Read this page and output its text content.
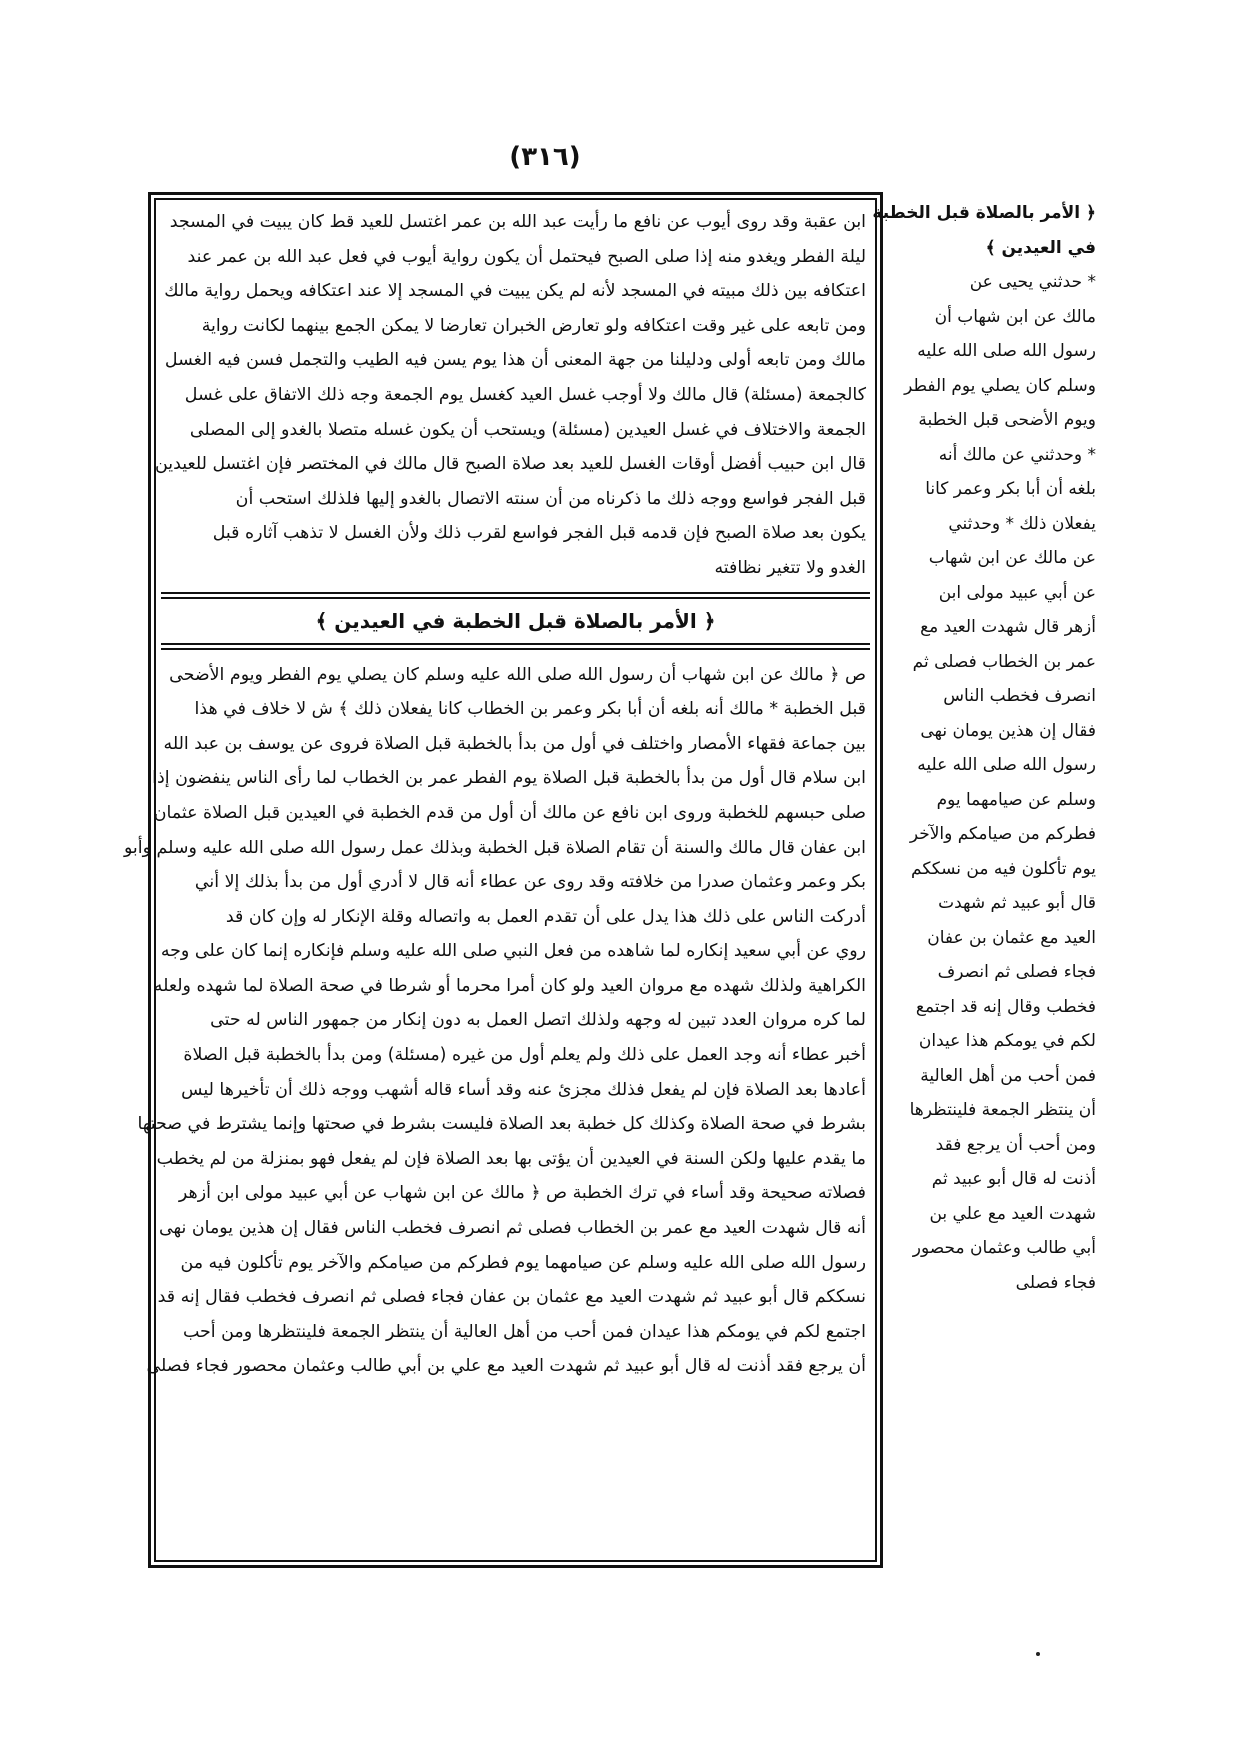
(٣١٦)
ابن عقبة وقد روى أيوب عن نافع ما رأيت عبد الله بن عمر اغتسل للعيد قط كان يبيت في المسجد
ليلة الفطر ويغدو منه إذا صلى الصبح فيحتمل أن يكون رواية أيوب في فعل عبد الله بن عمر عند
اعتكافه بين ذلك مبيته في المسجد لأنه لم يكن يبيت في المسجد إلا عند اعتكافه ويحمل رواية مالك
ومن تابعه على غير وقت اعتكافه ولو تعارض الخبران تعارضا لا يمكن الجمع بينهما لكانت رواية
مالك ومن تابعه أولى ودليلنا من جهة المعنى أن هذا يوم يسن فيه الطيب والتجمل فسن فيه الغسل
كالجمعة (مسئلة) قال مالك ولا أوجب غسل العيد كغسل يوم الجمعة وجه ذلك الاتفاق على غسل
الجمعة والاختلاف في غسل العيدين (مسئلة) ويستحب أن يكون غسله متصلا بالغدو إلى المصلى
قال ابن حبيب أفضل أوقات الغسل للعيد بعد صلاة الصبح قال مالك في المختصر فإن اغتسل للعيدين
قبل الفجر فواسع ووجه ذلك ما ذكرناه من أن سنته الاتصال بالغدو إليها فلذلك استحب أن
يكون بعد صلاة الصبح فإن قدمه قبل الفجر فواسع لقرب ذلك ولأن الغسل لا تذهب آثاره قبل
الغدو ولا تتغير نظافته
﴿ الأمر بالصلاة قبل الخطبة في العيدين ﴾
ص ﴿ مالك عن ابن شهاب أن رسول الله صلى الله عليه وسلم كان يصلي يوم الفطر ويوم الأضحى
قبل الخطبة * مالك أنه بلغه أن أبا بكر وعمر بن الخطاب كانا يفعلان ذلك ﴾ ش لا خلاف في هذا
بين جماعة فقهاء الأمصار واختلف في أول من بدأ بالخطبة قبل الصلاة فروى عن يوسف بن عبد الله
ابن سلام قال أول من بدأ بالخطبة قبل الصلاة يوم الفطر عمر بن الخطاب لما رأى الناس ينفضون إذا
صلى حبسهم للخطبة وروى ابن نافع عن مالك أن أول من قدم الخطبة في العيدين قبل الصلاة عثمان
ابن عفان قال مالك والسنة أن تقام الصلاة قبل الخطبة وبذلك عمل رسول الله صلى الله عليه وسلم وأبو
بكر وعمر وعثمان صدرا من خلافته وقد روى عن عطاء أنه قال لا أدري أول من بدأ بذلك إلا أني
أدركت الناس على ذلك هذا يدل على أن تقدم العمل به واتصاله وقلة الإنكار له وإن كان قد
روي عن أبي سعيد إنكاره لما شاهده من فعل النبي صلى الله عليه وسلم فإنكاره إنما كان على وجه
الكراهية ولذلك شهده مع مروان العيد ولو كان أمرا محرما أو شرطا في صحة الصلاة لما شهده ولعله
لما كره مروان العدد تبين له وجهه ولذلك اتصل العمل به دون إنكار من جمهور الناس له حتى
أخبر عطاء أنه وجد العمل على ذلك ولم يعلم أول من غيره (مسئلة) ومن بدأ بالخطبة قبل الصلاة
أعادها بعد الصلاة فإن لم يفعل فذلك مجزئ عنه وقد أساء قاله أشهب ووجه ذلك أن تأخيرها ليس
بشرط في صحة الصلاة وكذلك كل خطبة بعد الصلاة فليست بشرط في صحتها وإنما يشترط في صحتها
ما يقدم عليها ولكن السنة في العيدين أن يؤتى بها بعد الصلاة فإن لم يفعل فهو بمنزلة من لم يخطب
فصلاته صحيحة وقد أساء في ترك الخطبة ص ﴿ مالك عن ابن شهاب عن أبي عبيد مولى ابن أزهر
أنه قال شهدت العيد مع عمر بن الخطاب فصلى ثم انصرف فخطب الناس فقال إن هذين يومان نهى
رسول الله صلى الله عليه وسلم عن صيامهما يوم فطركم من صيامكم والآخر يوم تأكلون فيه من
نسككم قال أبو عبيد ثم شهدت العيد مع عثمان بن عفان فجاء فصلى ثم انصرف فخطب فقال إنه قد
اجتمع لكم في يومكم هذا عيدان فمن أحب من أهل العالية أن ينتظر الجمعة فلينتظرها ومن أحب
أن يرجع فقد أذنت له قال أبو عبيد ثم شهدت العيد مع علي بن أبي طالب وعثمان محصور فجاء فصلى
﴿ الأمر بالصلاة قبل الخطبة
في العيدين ﴾
* حدثني يحيى عن
مالك عن ابن شهاب أن
رسول الله صلى الله عليه
وسلم كان يصلي يوم الفطر
ويوم الأضحى قبل الخطبة
* وحدثني عن مالك أنه
بلغه أن أبا بكر وعمر كانا
يفعلان ذلك * وحدثني
عن مالك عن ابن شهاب
عن أبي عبيد مولى ابن
أزهر قال شهدت العيد مع
عمر بن الخطاب فصلى ثم
انصرف فخطب الناس
فقال إن هذين يومان نهى
رسول الله صلى الله عليه
وسلم عن صيامهما يوم
فطركم من صيامكم والآخر
يوم تأكلون فيه من نسككم
قال أبو عبيد ثم شهدت
العيد مع عثمان بن عفان
فجاء فصلى ثم انصرف
فخطب وقال إنه قد اجتمع
لكم في يومكم هذا عيدان
فمن أحب من أهل العالية
أن ينتظر الجمعة فلينتظرها
ومن أحب أن يرجع فقد
أذنت له قال أبو عبيد ثم
شهدت العيد مع علي بن
أبي طالب وعثمان محصور
فجاء فصلى
